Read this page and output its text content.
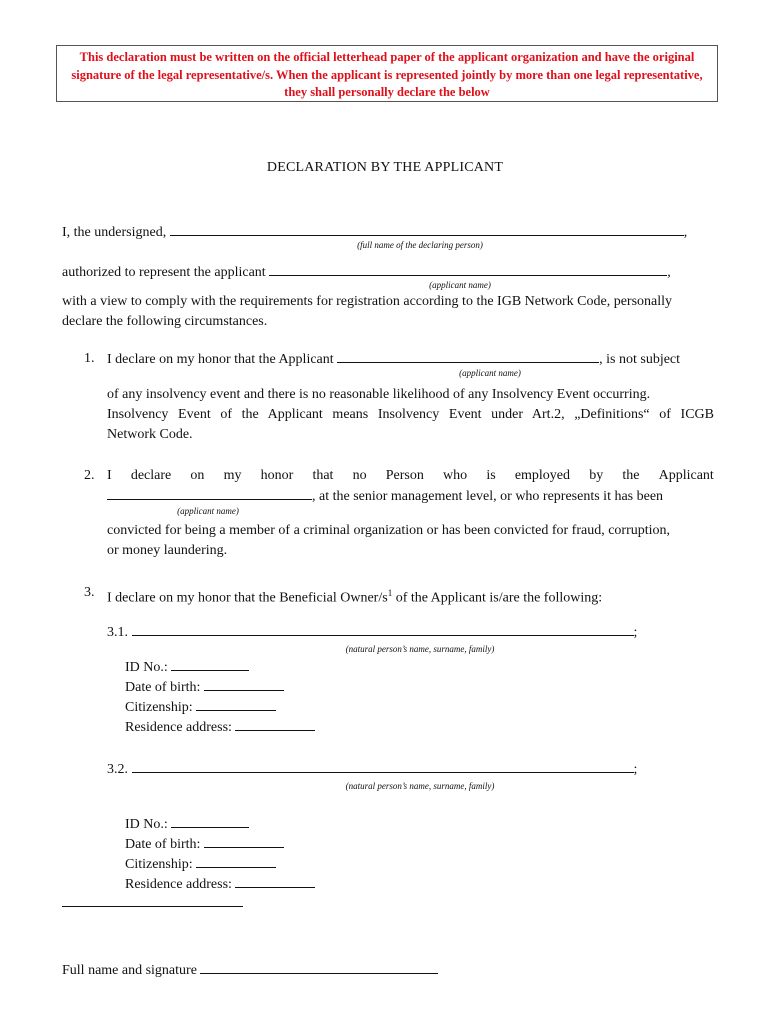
This declaration must be written on the official letterhead paper of the applicant organization and have the original signature of the legal representative/s. When the applicant is represented jointly by more than one legal representative, they shall personally declare the below
DECLARATION BY THE APPLICANT
I, the undersigned,	,
(full name of the declaring person)
authorized to represent the applicant	,
(applicant name)
with a view to comply with the requirements for registration according to the IGB Network Code, personally
declare the following circumstances.
1. I declare on my honor that the Applicant	, is not subject
(applicant name)
of any insolvency event and there is no reasonable likelihood of any Insolvency Event occurring.
Insolvency Event of the Applicant means Insolvency Event under Art.2, „Definitions“ of ICGB
Network Code.
2. I declare on my honor that no Person who is employed by the Applicant
, at the senior management level, or who represents it has been
(applicant name)
convicted for being a member of a criminal organization or has been convicted for fraud, corruption,
or money laundering.
3. I declare on my honor that the Beneficial Owner/$s^1$ of the Applicant is/are the following:
3.1.	;
(natural person’s name, surname, family)
ID No.:
Date of birth:
Citizenship:
Residence address:
3.2.	;
(natural person’s name, surname, family)
ID No.:
Date of birth:
Citizenship:
Residence address:
Full name and signature
